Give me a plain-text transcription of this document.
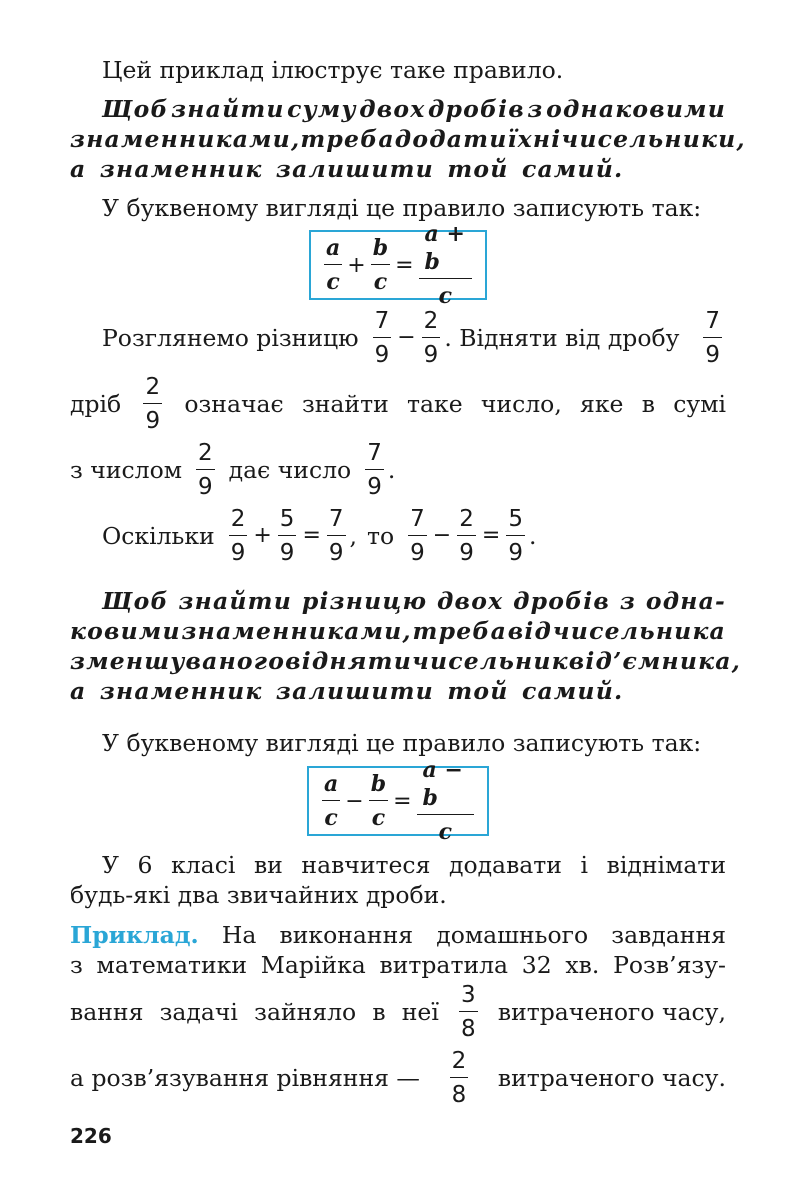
Цей приклад ілюструє таке правило.
Щоб знайти суму двох дробів з однаковими
знаменниками, треба додати їхні чисельники,
а знаменник залишити той самий.
У буквеному вигляді це правило записують так:
$\frac{a}{c} + \frac{b}{c} = \frac{a + b}{c}$
Розглянемо різницю $\frac{7}{9} - \frac{2}{9}$ . Відняти від дробу $\frac{7}{9}$
дріб $\frac{2}{9}$ означає знайти таке число, яке в сумі
з числом $\frac{2}{9}$ дає число $\frac{7}{9}$ .
Оскільки $\frac{2}{9} + \frac{5}{9} = \frac{7}{9}$ , то $\frac{7}{9} - \frac{2}{9} = \frac{5}{9}$ .
Щоб знайти різницю двох дробів з одна-
ковими знаменниками, треба від чисельника
зменшуваного відняти чисельник від’ємника,
а знаменник залишити той самий.
У буквеному вигляді це правило записують так:
$\frac{a}{c} - \frac{b}{c} = \frac{a - b}{c}$
У 6 класі ви навчитеся додавати і віднімати
будь-які два звичайних дроби.
Приклад. На виконання домашнього завдання
з математики Марійка витратила 32 хв. Розв’язу-
вання задачі зайняло в неї $\frac{3}{8}$ витраченого часу,
а розв’язування рівняння — $\frac{2}{8}$ витраченого часу.
226
